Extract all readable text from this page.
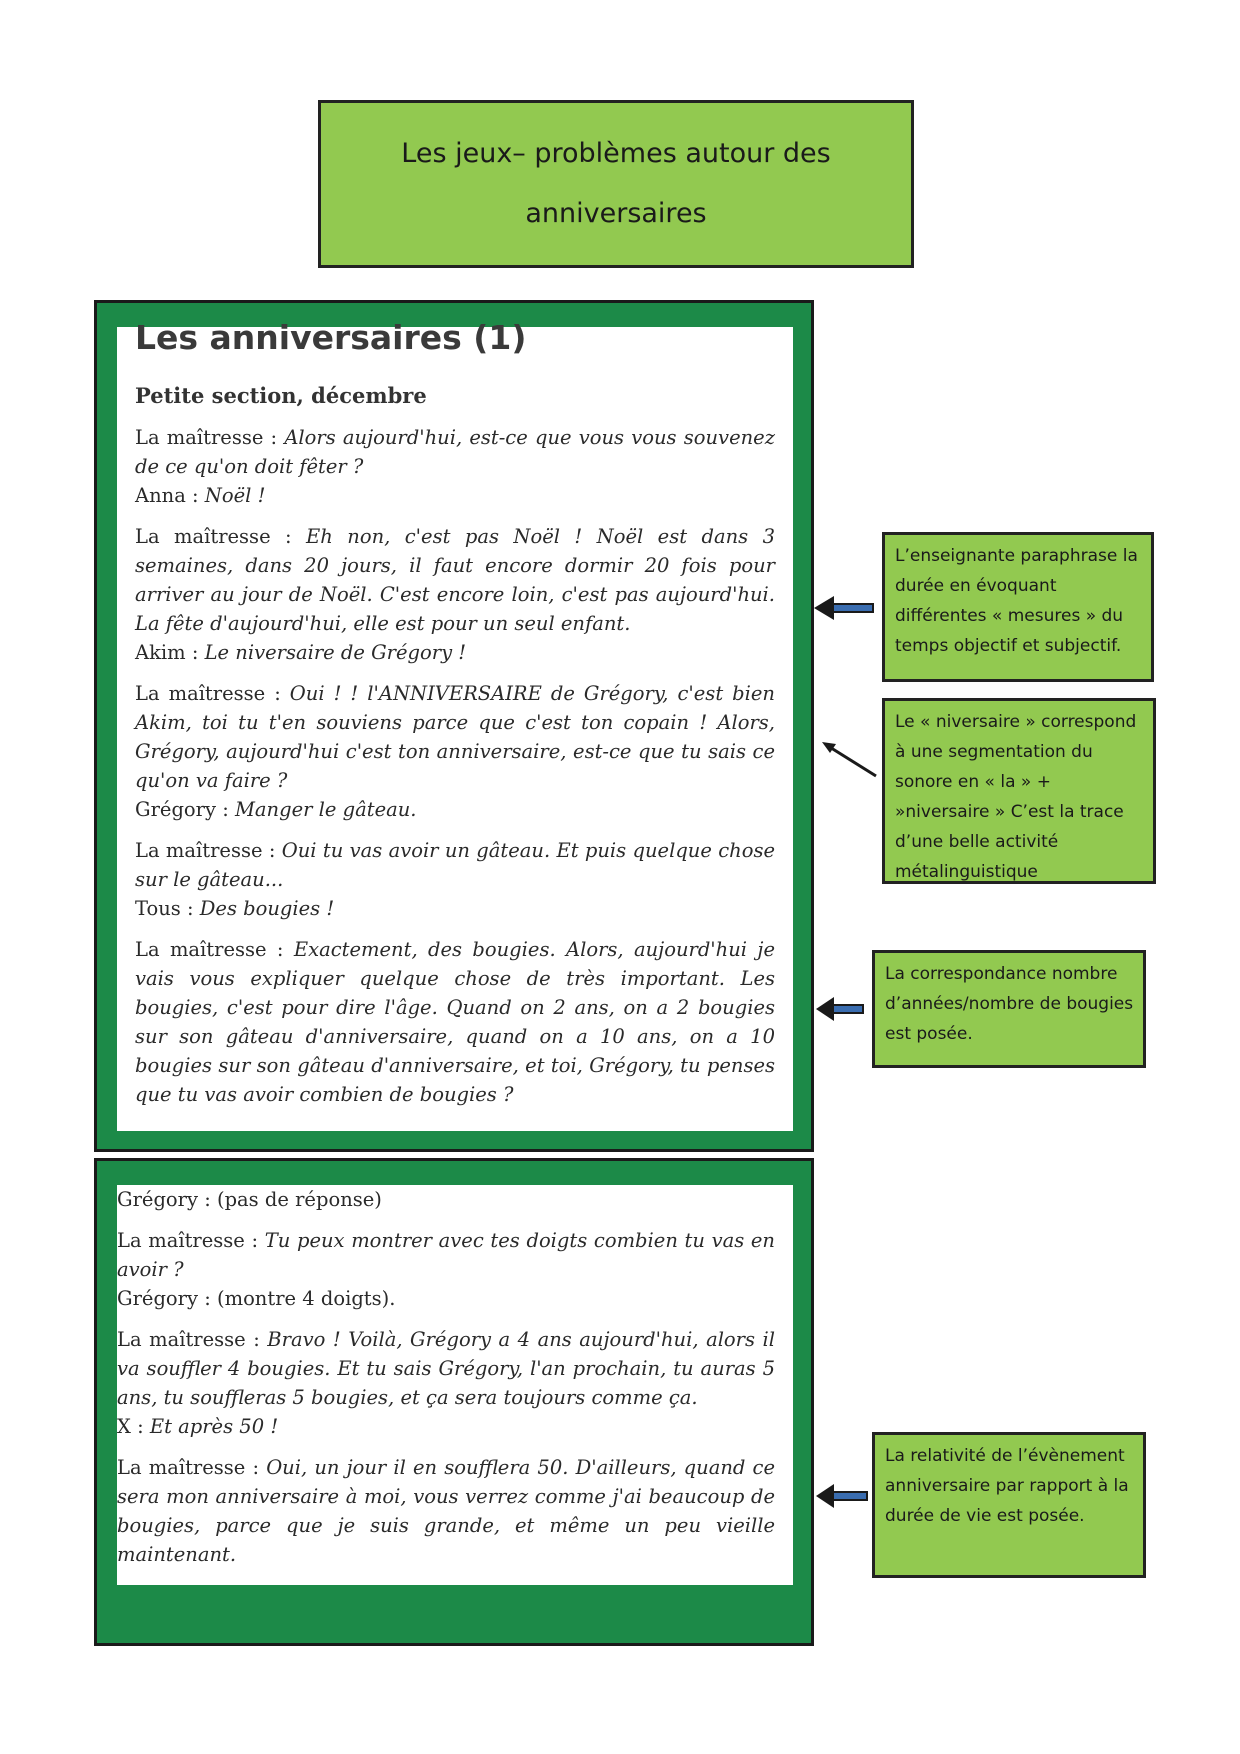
Les jeux– problèmes autour des
anniversaires
Les anniversaires (1)
Petite section, décembre

La maîtresse : Alors aujourd'hui, est-ce que vous vous souvenez de ce qu'on doit fêter ?
Anna : Noël !

La maîtresse : Eh non, c'est pas Noël ! Noël est dans 3 semaines, dans 20 jours, il faut encore dormir 20 fois pour arriver au jour de Noël. C'est encore loin, c'est pas aujourd'hui. La fête d'aujourd'hui, elle est pour un seul enfant.
Akim : Le niversaire de Grégory !

La maîtresse : Oui ! ! l'ANNIVERSAIRE de Grégory, c'est bien Akim, toi tu t'en souviens parce que c'est ton copain ! Alors, Grégory, aujourd'hui c'est ton anniversaire, est-ce que tu sais ce qu'on va faire ?
Grégory : Manger le gâteau.

La maîtresse : Oui tu vas avoir un gâteau. Et puis quelque chose sur le gâteau...
Tous : Des bougies !

La maîtresse : Exactement, des bougies. Alors, aujourd'hui je vais vous expliquer quelque chose de très important. Les bougies, c'est pour dire l'âge. Quand on 2 ans, on a 2 bougies sur son gâteau d'anniversaire, quand on a 10 ans, on a 10 bougies sur son gâteau d'anniversaire, et toi, Grégory, tu penses que tu vas avoir combien de bougies ?

Grégory : (pas de réponse)

La maîtresse : Tu peux montrer avec tes doigts combien tu vas en avoir ?
Grégory : (montre 4 doigts).

La maîtresse : Bravo ! Voilà, Grégory a 4 ans aujourd'hui, alors il va souffler 4 bougies. Et tu sais Grégory, l'an prochain, tu auras 5 ans, tu souffleras 5 bougies, et ça sera toujours comme ça.
X : Et après 50 !

La maîtresse : Oui, un jour il en soufflera 50. D'ailleurs, quand ce sera mon anniversaire à moi, vous verrez comme j'ai beaucoup de bougies, parce que je suis grande, et même un peu vieille maintenant.

L’enseignante paraphrase la durée en évoquant différentes « mesures » du temps objectif et subjectif.
Le « niversaire » correspond à une segmentation du sonore en « la » + »niversaire » C’est la trace d’une belle activité métalinguistique
La correspondance nombre d’années/nombre de bougies est posée.
La relativité de l’évènement anniversaire par rapport à la durée de vie est posée.
